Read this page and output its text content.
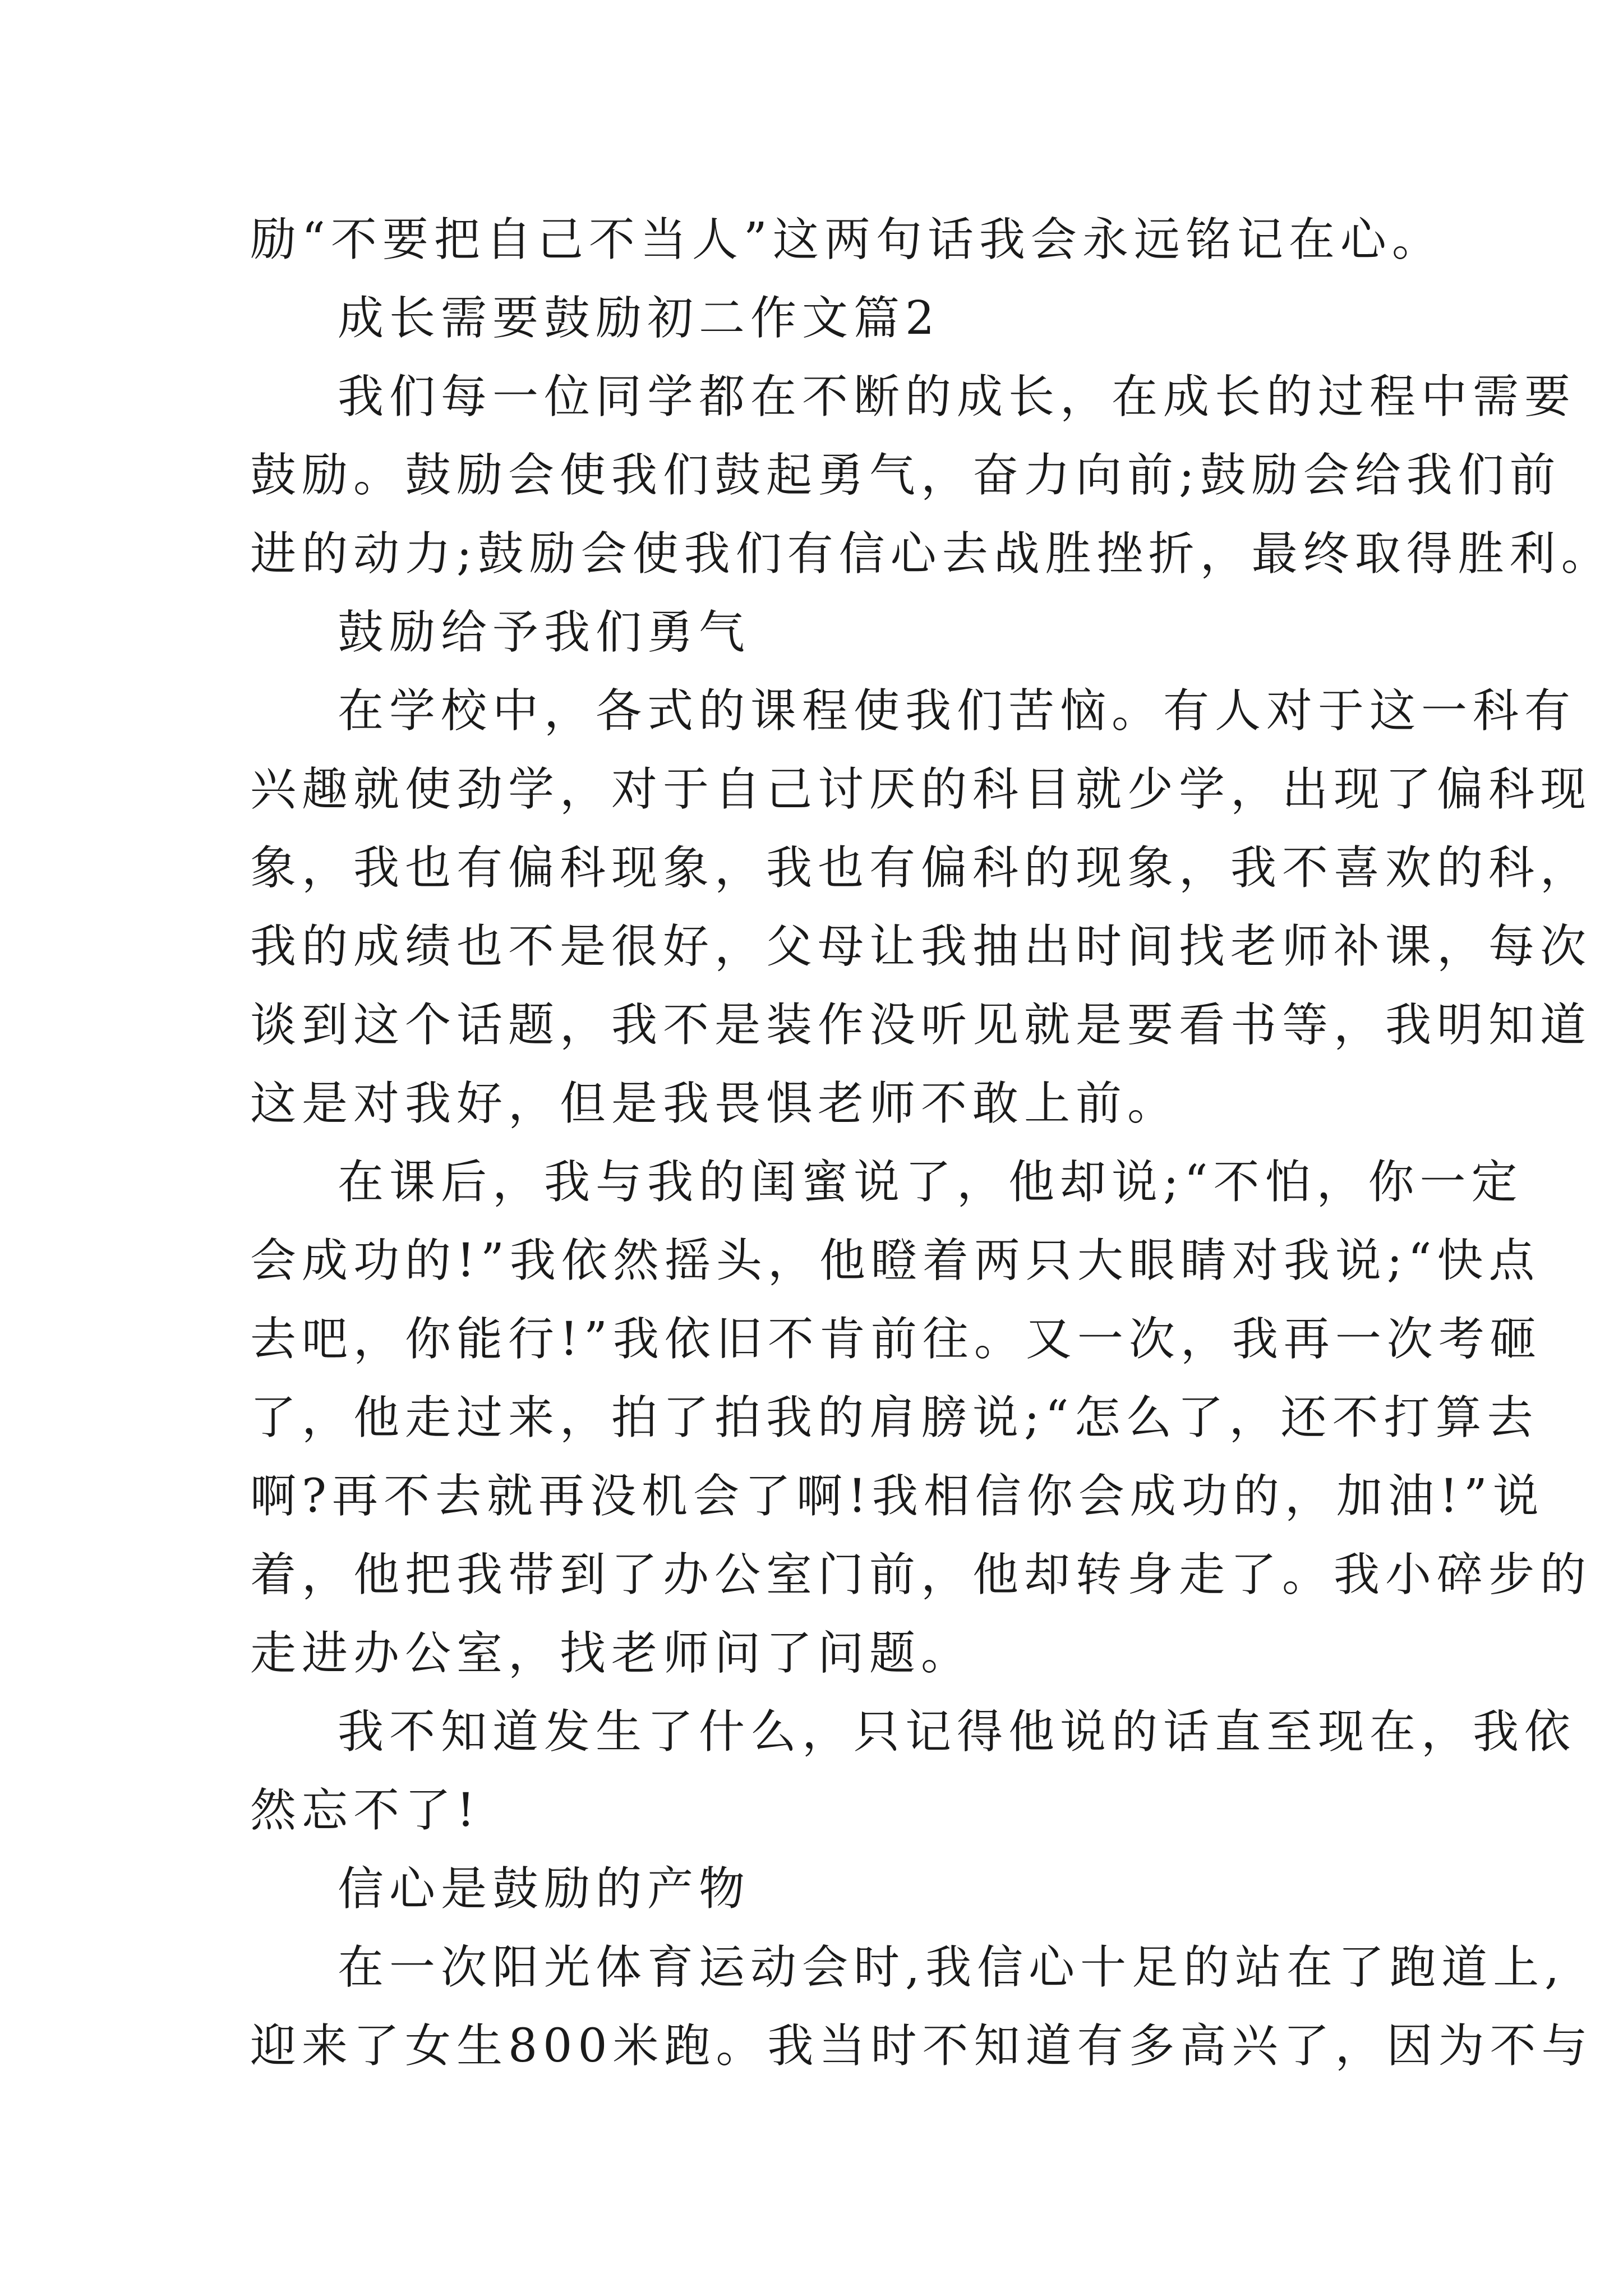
励“不要把自己不当人”这两句话我会永远铭记在心。
成长需要鼓励初二作文篇2
我们每一位同学都在不断的成长，在成长的过程中需要
鼓励。鼓励会使我们鼓起勇气，奋力向前;鼓励会给我们前
进的动力;鼓励会使我们有信心去战胜挫折，最终取得胜利。
鼓励给予我们勇气
在学校中，各式的课程使我们苦恼。有人对于这一科有
兴趣就使劲学，对于自己讨厌的科目就少学，出现了偏科现
象，我也有偏科现象，我也有偏科的现象，我不喜欢的科，
我的成绩也不是很好，父母让我抽出时间找老师补课，每次
谈到这个话题，我不是装作没听见就是要看书等，我明知道
这是对我好，但是我畏惧老师不敢上前。
在课后，我与我的闺蜜说了，他却说;“不怕，你一定
会成功的!”我依然摇头，他瞪着两只大眼睛对我说;“快点
去吧，你能行!”我依旧不肯前往。又一次，我再一次考砸
了，他走过来，拍了拍我的肩膀说;“怎么了，还不打算去
啊?再不去就再没机会了啊!我相信你会成功的，加油!”说
着，他把我带到了办公室门前，他却转身走了。我小碎步的
走进办公室，找老师问了问题。
我不知道发生了什么，只记得他说的话直至现在，我依
然忘不了!
信心是鼓励的产物
在一次阳光体育运动会时,我信心十足的站在了跑道上,
迎来了女生800米跑。我当时不知道有多高兴了，因为不与
